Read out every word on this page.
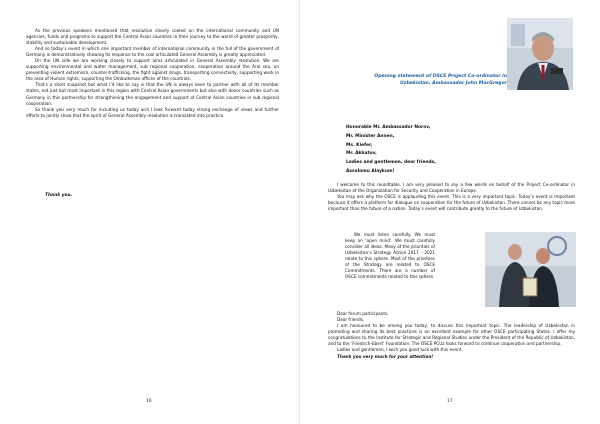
As the previous speakers mentioned that resolution clearly cooled on the international community and UN agencies, funds and programs to support the Central Asian countries in their journey to the world of greater prosperity, stability and sustainable development.

And so today’s event in which one important member of international community in the full of the government of Germany is demonstratively showing its response to the cool articulated General Assembly is greatly appreciated.

On the UN side we are working closely to support aims articulated in General Assembly resolution. We are supporting environmental and water management, sub regional cooperation, cooperation around the Aral sea, on preventing violent extremism, counter-trafficking, the fight against drugs, transporting connectivity, supporting work in the area of Human rights, supporting the Ombudsman offices of the countries.

That’s a short snapshot but what I’d like to say is that the UN is always keen to partner with all of its member states, not just but most important in this region with Central Asian governments but also with donor countries such as Germany in this partnership for strengthening the engagement and support of Central Asian countries in sub regional cooperation.

So thank you very much for including us today and I look forward today strong exchange of views and further efforts to jointly show that the spirit of General Assembly resolution is translated into practice.

Thank you.
16
Opening statement of OSCE Project Co-ordinator in Uzbekistan, Ambassador John MacGregor
Honorable Mr. Ambassador Norov,
Mr. Minister Annen,
Ms. Kiefer,
Mr. Akhatov,
Ladies and gentlemen, dear friends,
Assalomu Alaykum!

I welcome to this roundtable. I am very pleased to say a few words on behalf of the Project Co-ordinator in Uzbekistan of the Organization for Security and Cooperation in Europe.

You may ask why the OSCE is applauding this event. This is a very important topic. Today’s event is important because it offers a platform for dialogue on cooperation for the future of Uzbekistan. There cannot be any topic more important than the future of a nation. Today’s event will contribute greatly to the future of Uzbekistan.

We must listen carefully. We must keep an ‘open mind’. We must carefully consider all ideas. Many of the priorities of Uzbekistan’s Strategy Action 2017 – 2021 relate to this sphere. Most of the priorities of the Strategy are related to OSCE Commitments. There are a number of OSCE commitments related to this sphere.

Dear forum participants,

Dear friends,

I am honoured to be among you today, to discuss this important topic. The leadership of Uzbekistan in promoting and sharing its best practices is an excellent example for other OSCE participating States. I offer my congratulations to the Institute for Strategic and Regional Studies under the President of the Republic of Uzbekistan, and to the ‘Friedrich-Ebert’ Foundation. The OSCE PCUz looks forward to continue cooperation and partnership.

Ladies and gentlemen, I wish you good luck with this event.

Thank you very much for your attention!

17
